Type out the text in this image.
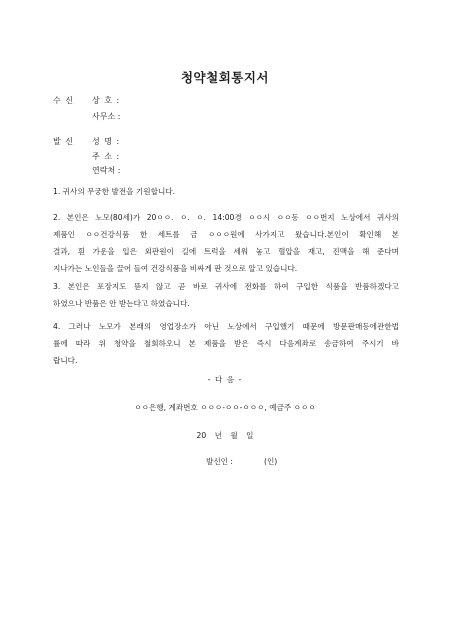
청약철회통지서
수 신 상 호 :
사무소 :
발 신 성 명 :
주 소 :
연락처 :
1. 귀사의 무궁한 발전을 기원합니다.
2. 본인은 노모(80세)가 20ㅇㅇ. ㅇ. ㅇ. 14:00경 ㅇㅇ시 ㅇㅇ동 ㅇㅇ번지 노상에서 귀사의
제품인 ㅇㅇ건강식품 한 세트를 금 ㅇㅇㅇ원에 사가지고 왔습니다.본인이 확인해 본
결과, 흰 가운을 입은 외판원이 길에 트럭을 세워 놓고 혈압을 재고, 진맥을 해 준다며
지나가는 노인들을 끌어 들여 건강식품을 비싸게 판 것으로 알고 있습니다.
3. 본인은 포장지도 뜯지 않고 곧 바로 귀사에 전화를 하여 구입한 식품을 반품하겠다고
하였으나 반품은 안 받는다고 하였습니다.
4. 그러나 노모가 본래의 영업장소가 아닌 노상에서 구입했기 때문에 방문판매등에관한법
률에 따라 위 청약을 철회하오니 본 제품을 받은 즉시 다음계좌로 송금하여 주시기 바
랍니다.
- 다 음 -
ㅇㅇ은행, 계좌번호 ㅇㅇㅇ-ㅇㅇ-ㅇㅇㅇ, 예금주 ㅇㅇㅇ
20 년 월 일
발신인 :	(인)
